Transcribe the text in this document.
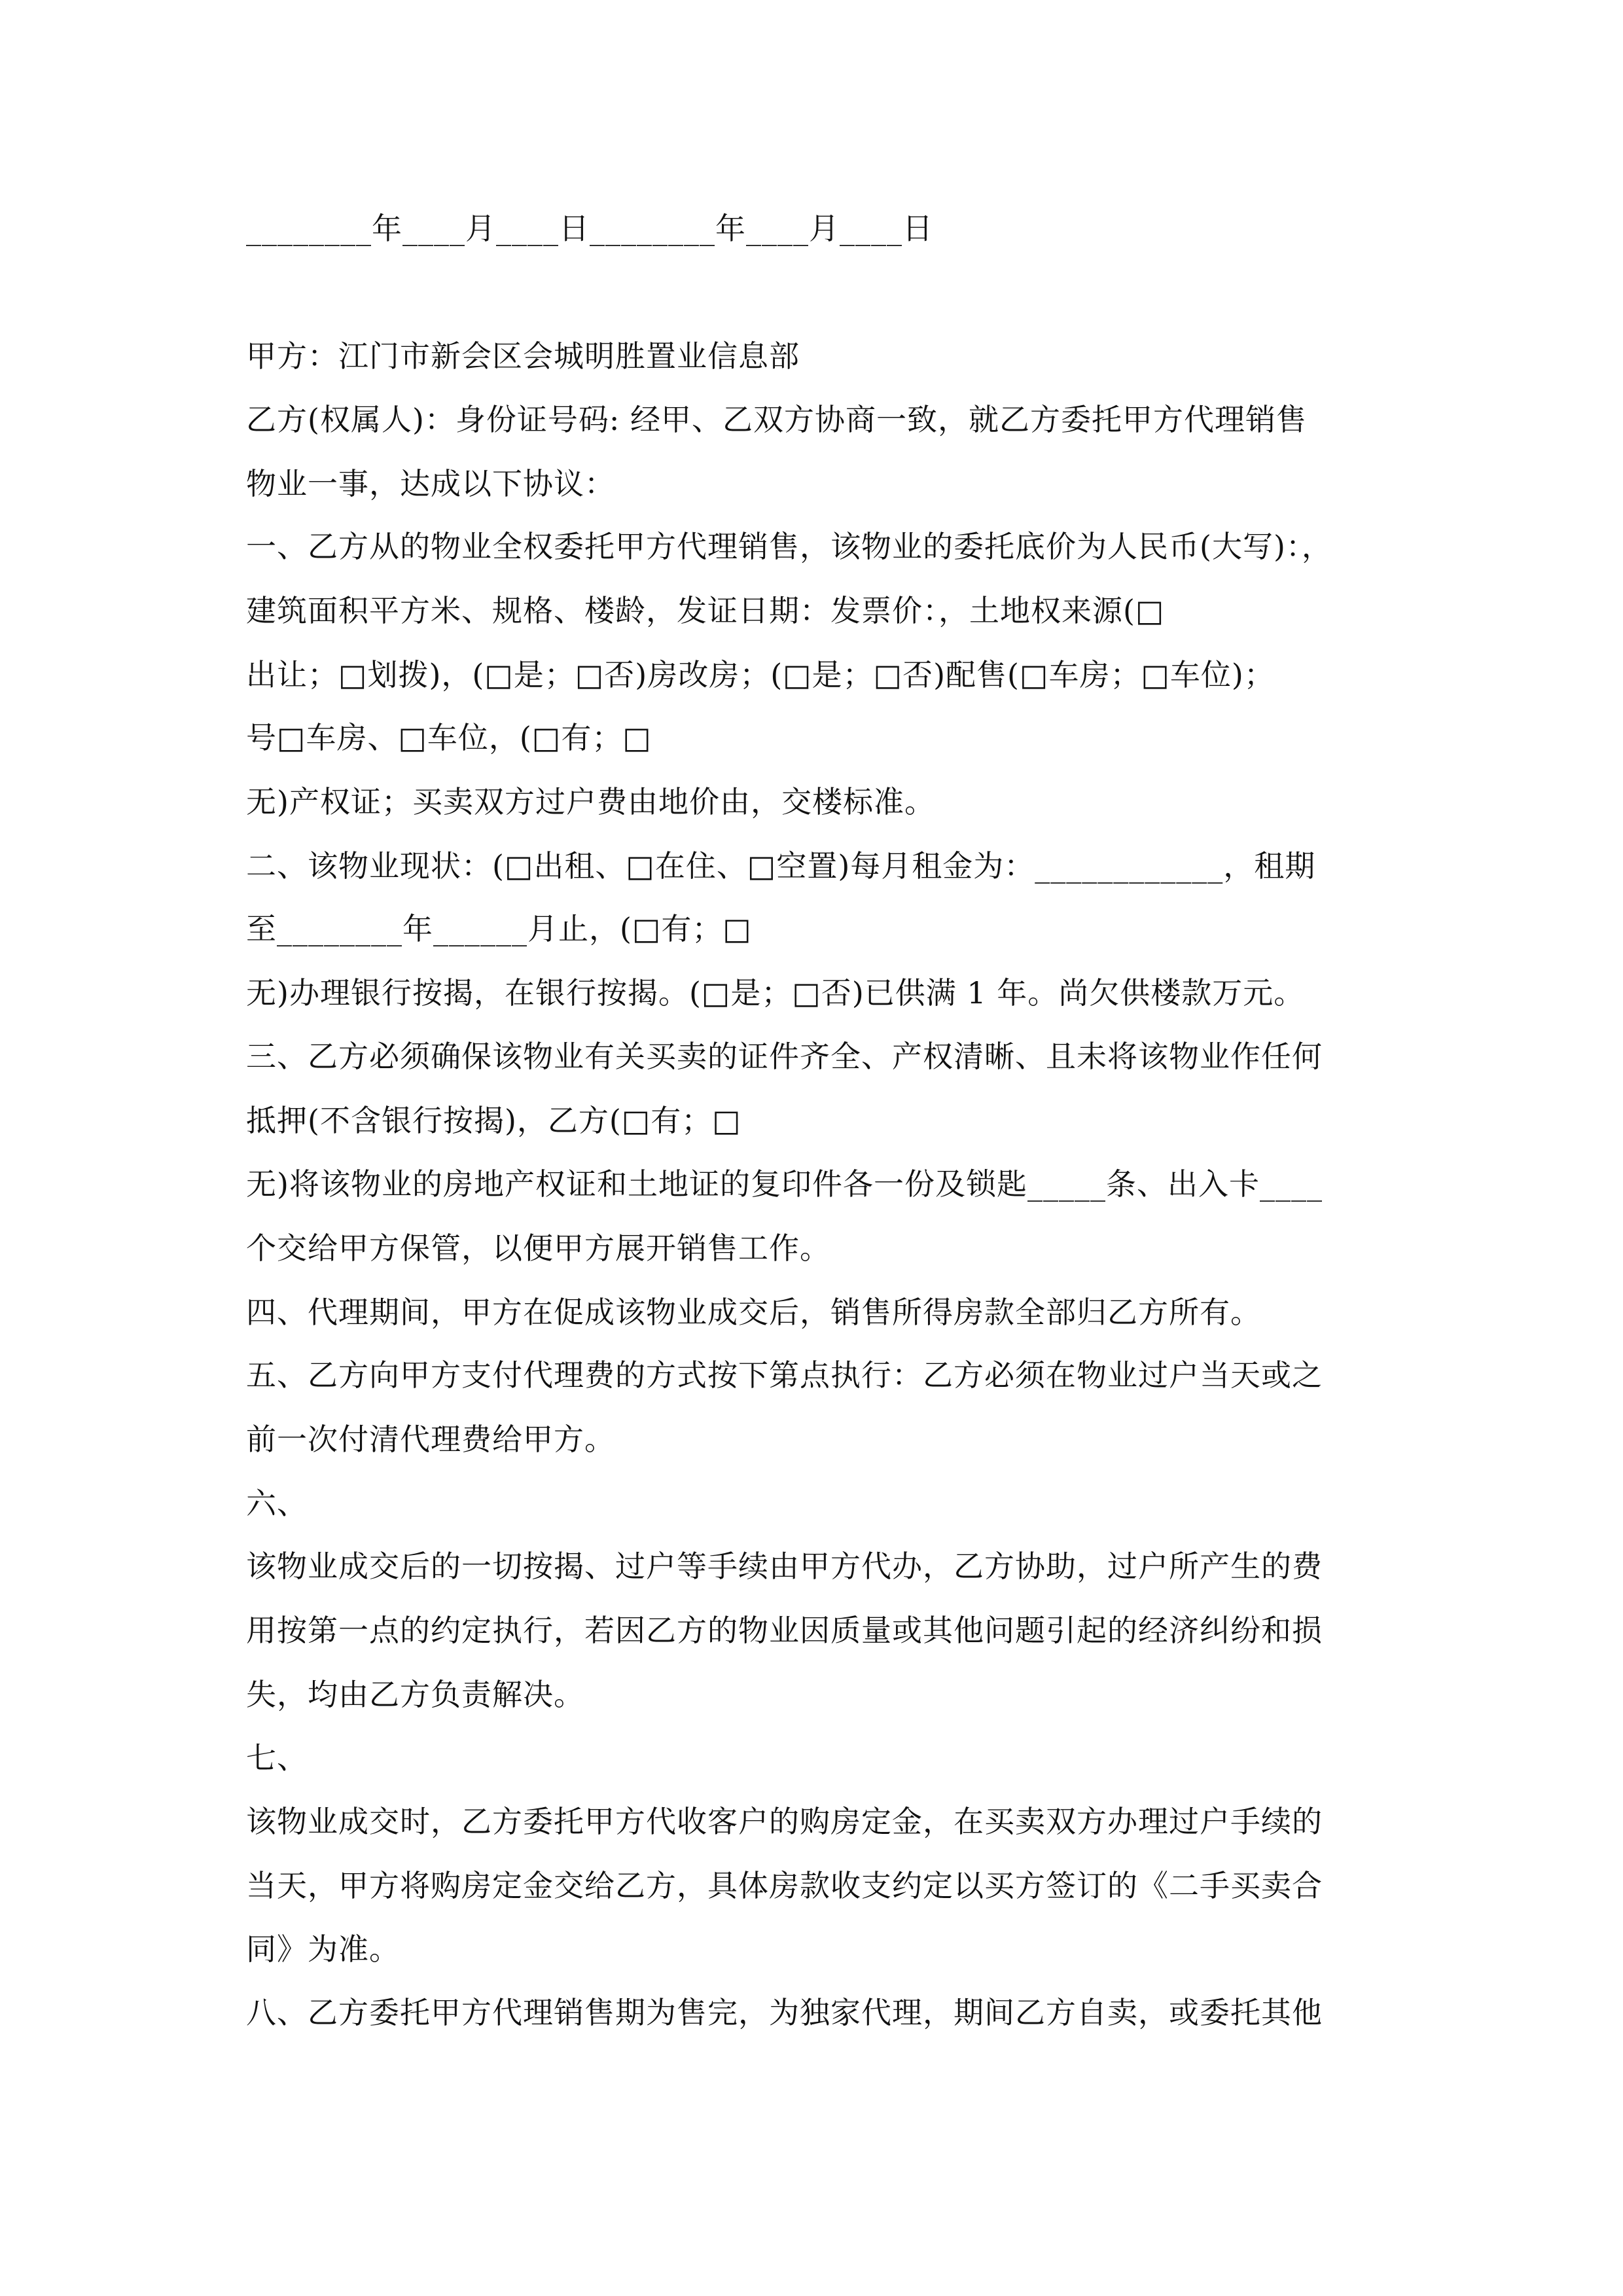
________年____月____日________年____月____日
甲方：江门市新会区会城明胜置业信息部
乙方(权属人)：身份证号码: 经甲、乙双方协商一致，就乙方委托甲方代理销售
物业一事，达成以下协议：
一、乙方从的物业全权委托甲方代理销售，该物业的委托底价为人民币(大写)：，
建筑面积平方米、规格、楼龄，发证日期：发票价：，土地权来源(□
出让；□划拨)，(□是；□否)房改房；(□是；□否)配售(□车房；□车位)；
号□车房、□车位，(□有；□
无)产权证；买卖双方过户费由地价由，交楼标准。
二、该物业现状：(□出租、□在住、□空置)每月租金为：____________，租期
至________年______月止，(□有；□
无)办理银行按揭，在银行按揭。(□是；□否)已供满 1 年。尚欠供楼款万元。
三、乙方必须确保该物业有关买卖的证件齐全、产权清晰、且未将该物业作任何
抵押(不含银行按揭)，乙方(□有；□
无)将该物业的房地产权证和土地证的复印件各一份及锁匙_____条、出入卡____
个交给甲方保管，以便甲方展开销售工作。
四、代理期间，甲方在促成该物业成交后，销售所得房款全部归乙方所有。
五、乙方向甲方支付代理费的方式按下第点执行：乙方必须在物业过户当天或之
前一次付清代理费给甲方。
六、
该物业成交后的一切按揭、过户等手续由甲方代办，乙方协助，过户所产生的费
用按第一点的约定执行，若因乙方的物业因质量或其他问题引起的经济纠纷和损
失，均由乙方负责解决。
七、
该物业成交时，乙方委托甲方代收客户的购房定金，在买卖双方办理过户手续的
当天，甲方将购房定金交给乙方，具体房款收支约定以买方签订的《二手买卖合
同》为准。
八、乙方委托甲方代理销售期为售完，为独家代理，期间乙方自卖，或委托其他
